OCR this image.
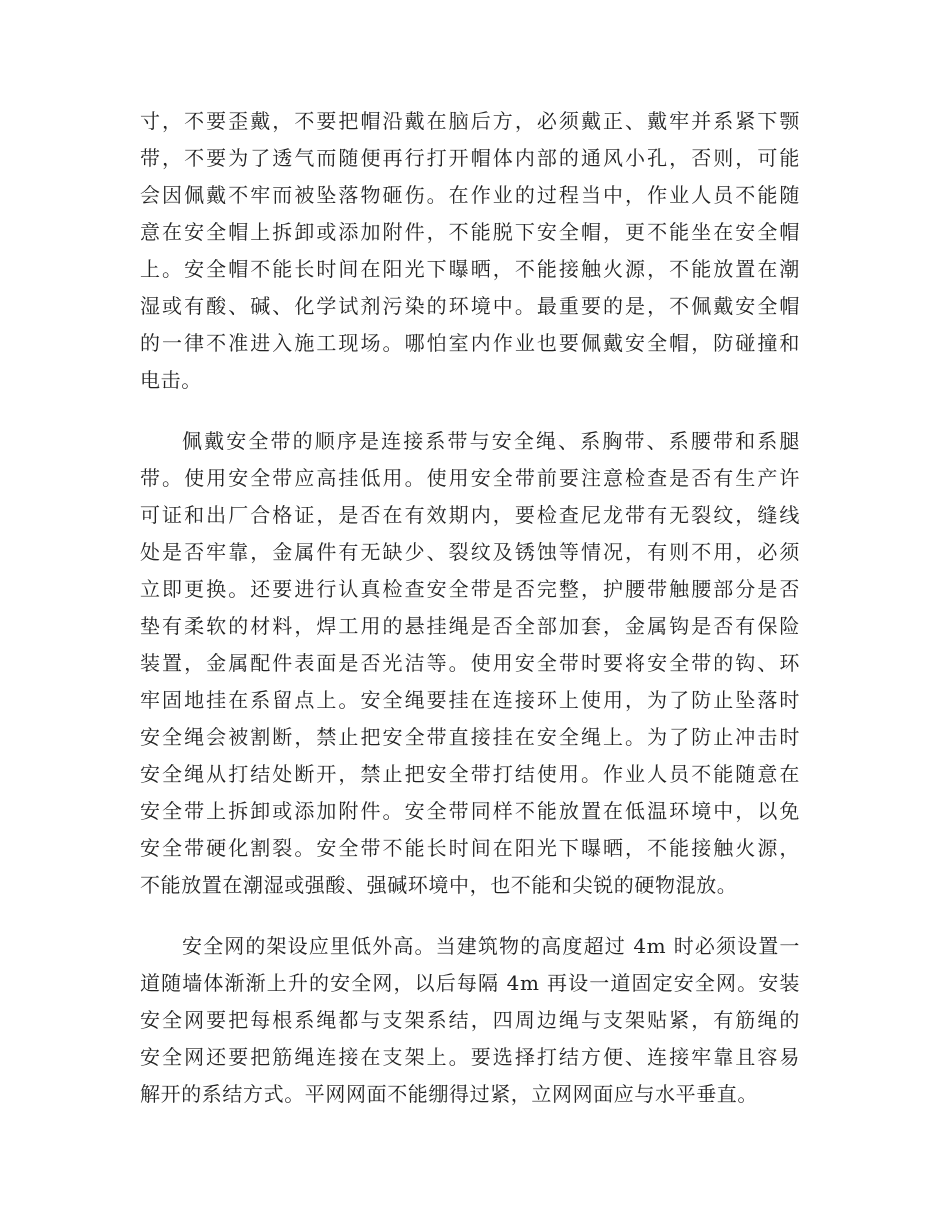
寸，不要歪戴，不要把帽沿戴在脑后方，必须戴正、戴牢并系紧下颚
带，不要为了透气而随便再行打开帽体内部的通风小孔，否则，可能
会因佩戴不牢而被坠落物砸伤。在作业的过程当中，作业人员不能随
意在安全帽上拆卸或添加附件，不能脱下安全帽，更不能坐在安全帽
上。安全帽不能长时间在阳光下曝晒，不能接触火源，不能放置在潮
湿或有酸、碱、化学试剂污染的环境中。最重要的是，不佩戴安全帽
的一律不准进入施工现场。哪怕室内作业也要佩戴安全帽，防碰撞和
电击。
佩戴安全带的顺序是连接系带与安全绳、系胸带、系腰带和系腿
带。使用安全带应高挂低用。使用安全带前要注意检查是否有生产许
可证和出厂合格证，是否在有效期内，要检查尼龙带有无裂纹，缝线
处是否牢靠，金属件有无缺少、裂纹及锈蚀等情况，有则不用，必须
立即更换。还要进行认真检查安全带是否完整，护腰带触腰部分是否
垫有柔软的材料，焊工用的悬挂绳是否全部加套，金属钩是否有保险
装置，金属配件表面是否光洁等。使用安全带时要将安全带的钩、环
牢固地挂在系留点上。安全绳要挂在连接环上使用，为了防止坠落时
安全绳会被割断，禁止把安全带直接挂在安全绳上。为了防止冲击时
安全绳从打结处断开，禁止把安全带打结使用。作业人员不能随意在
安全带上拆卸或添加附件。安全带同样不能放置在低温环境中，以免
安全带硬化割裂。安全带不能长时间在阳光下曝晒，不能接触火源，
不能放置在潮湿或强酸、强碱环境中，也不能和尖锐的硬物混放。
安全网的架设应里低外高。当建筑物的高度超过 4m 时必须设置一
道随墙体渐渐上升的安全网，以后每隔 4m 再设一道固定安全网。安装
安全网要把每根系绳都与支架系结，四周边绳与支架贴紧，有筋绳的
安全网还要把筋绳连接在支架上。要选择打结方便、连接牢靠且容易
解开的系结方式。平网网面不能绷得过紧，立网网面应与水平垂直。
